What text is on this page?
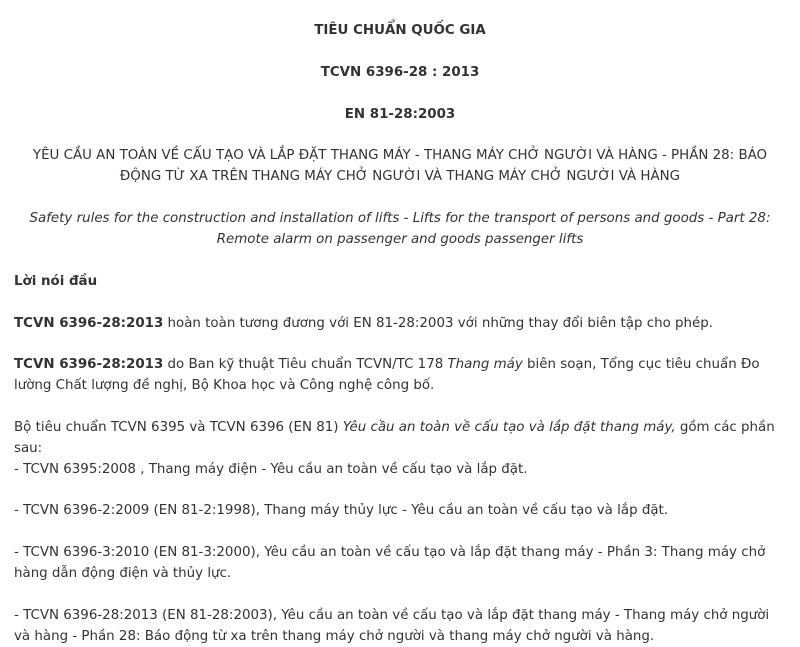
TIÊU CHUẨN QUỐC GIA

TCVN 6396-28 : 2013

EN 81-28:2003

YÊU CẦU AN TOÀN VỀ CẤU TẠO VÀ LẮP ĐẶT THANG MÁY - THANG MÁY CHỞ NGƯỜI VÀ HÀNG - PHẦN 28: BÁO ĐỘNG TỪ XA TRÊN THANG MÁY CHỞ NGƯỜI VÀ THANG MÁY CHỞ NGƯỜI VÀ HÀNG

Safety rules for the construction and installation of lifts - Lifts for the transport of persons and goods - Part 28: Remote alarm on passenger and goods passenger lifts

Lời nói đầu

TCVN 6396-28:2013 hoàn toàn tương đương với EN 81-28:2003 với những thay đổi biên tập cho phép.

TCVN 6396-28:2013 do Ban kỹ thuật Tiêu chuẩn TCVN/TC 178 Thang máy biên soạn, Tổng cục tiêu chuẩn Đo lường Chất lượng đề nghị, Bộ Khoa học và Công nghệ công bố.

Bộ tiêu chuẩn TCVN 6395 và TCVN 6396 (EN 81) Yêu cầu an toàn về cấu tạo và lắp đặt thang máy, gồm các phần sau:

- TCVN 6395:2008 , Thang máy điện - Yêu cầu an toàn về cấu tạo và lắp đặt.

- TCVN 6396-2:2009 (EN 81-2:1998), Thang máy thủy lực - Yêu cầu an toàn về cấu tạo và lắp đặt.

- TCVN 6396-3:2010 (EN 81-3:2000), Yêu cầu an toàn về cấu tạo và lắp đặt thang máy - Phần 3: Thang máy chở hàng dẫn động điện và thủy lực.

- TCVN 6396-28:2013 (EN 81-28:2003), Yêu cầu an toàn về cấu tạo và lắp đặt thang máy - Thang máy chở người và hàng - Phần 28: Báo động từ xa trên thang máy chở người và thang máy chở người và hàng.
